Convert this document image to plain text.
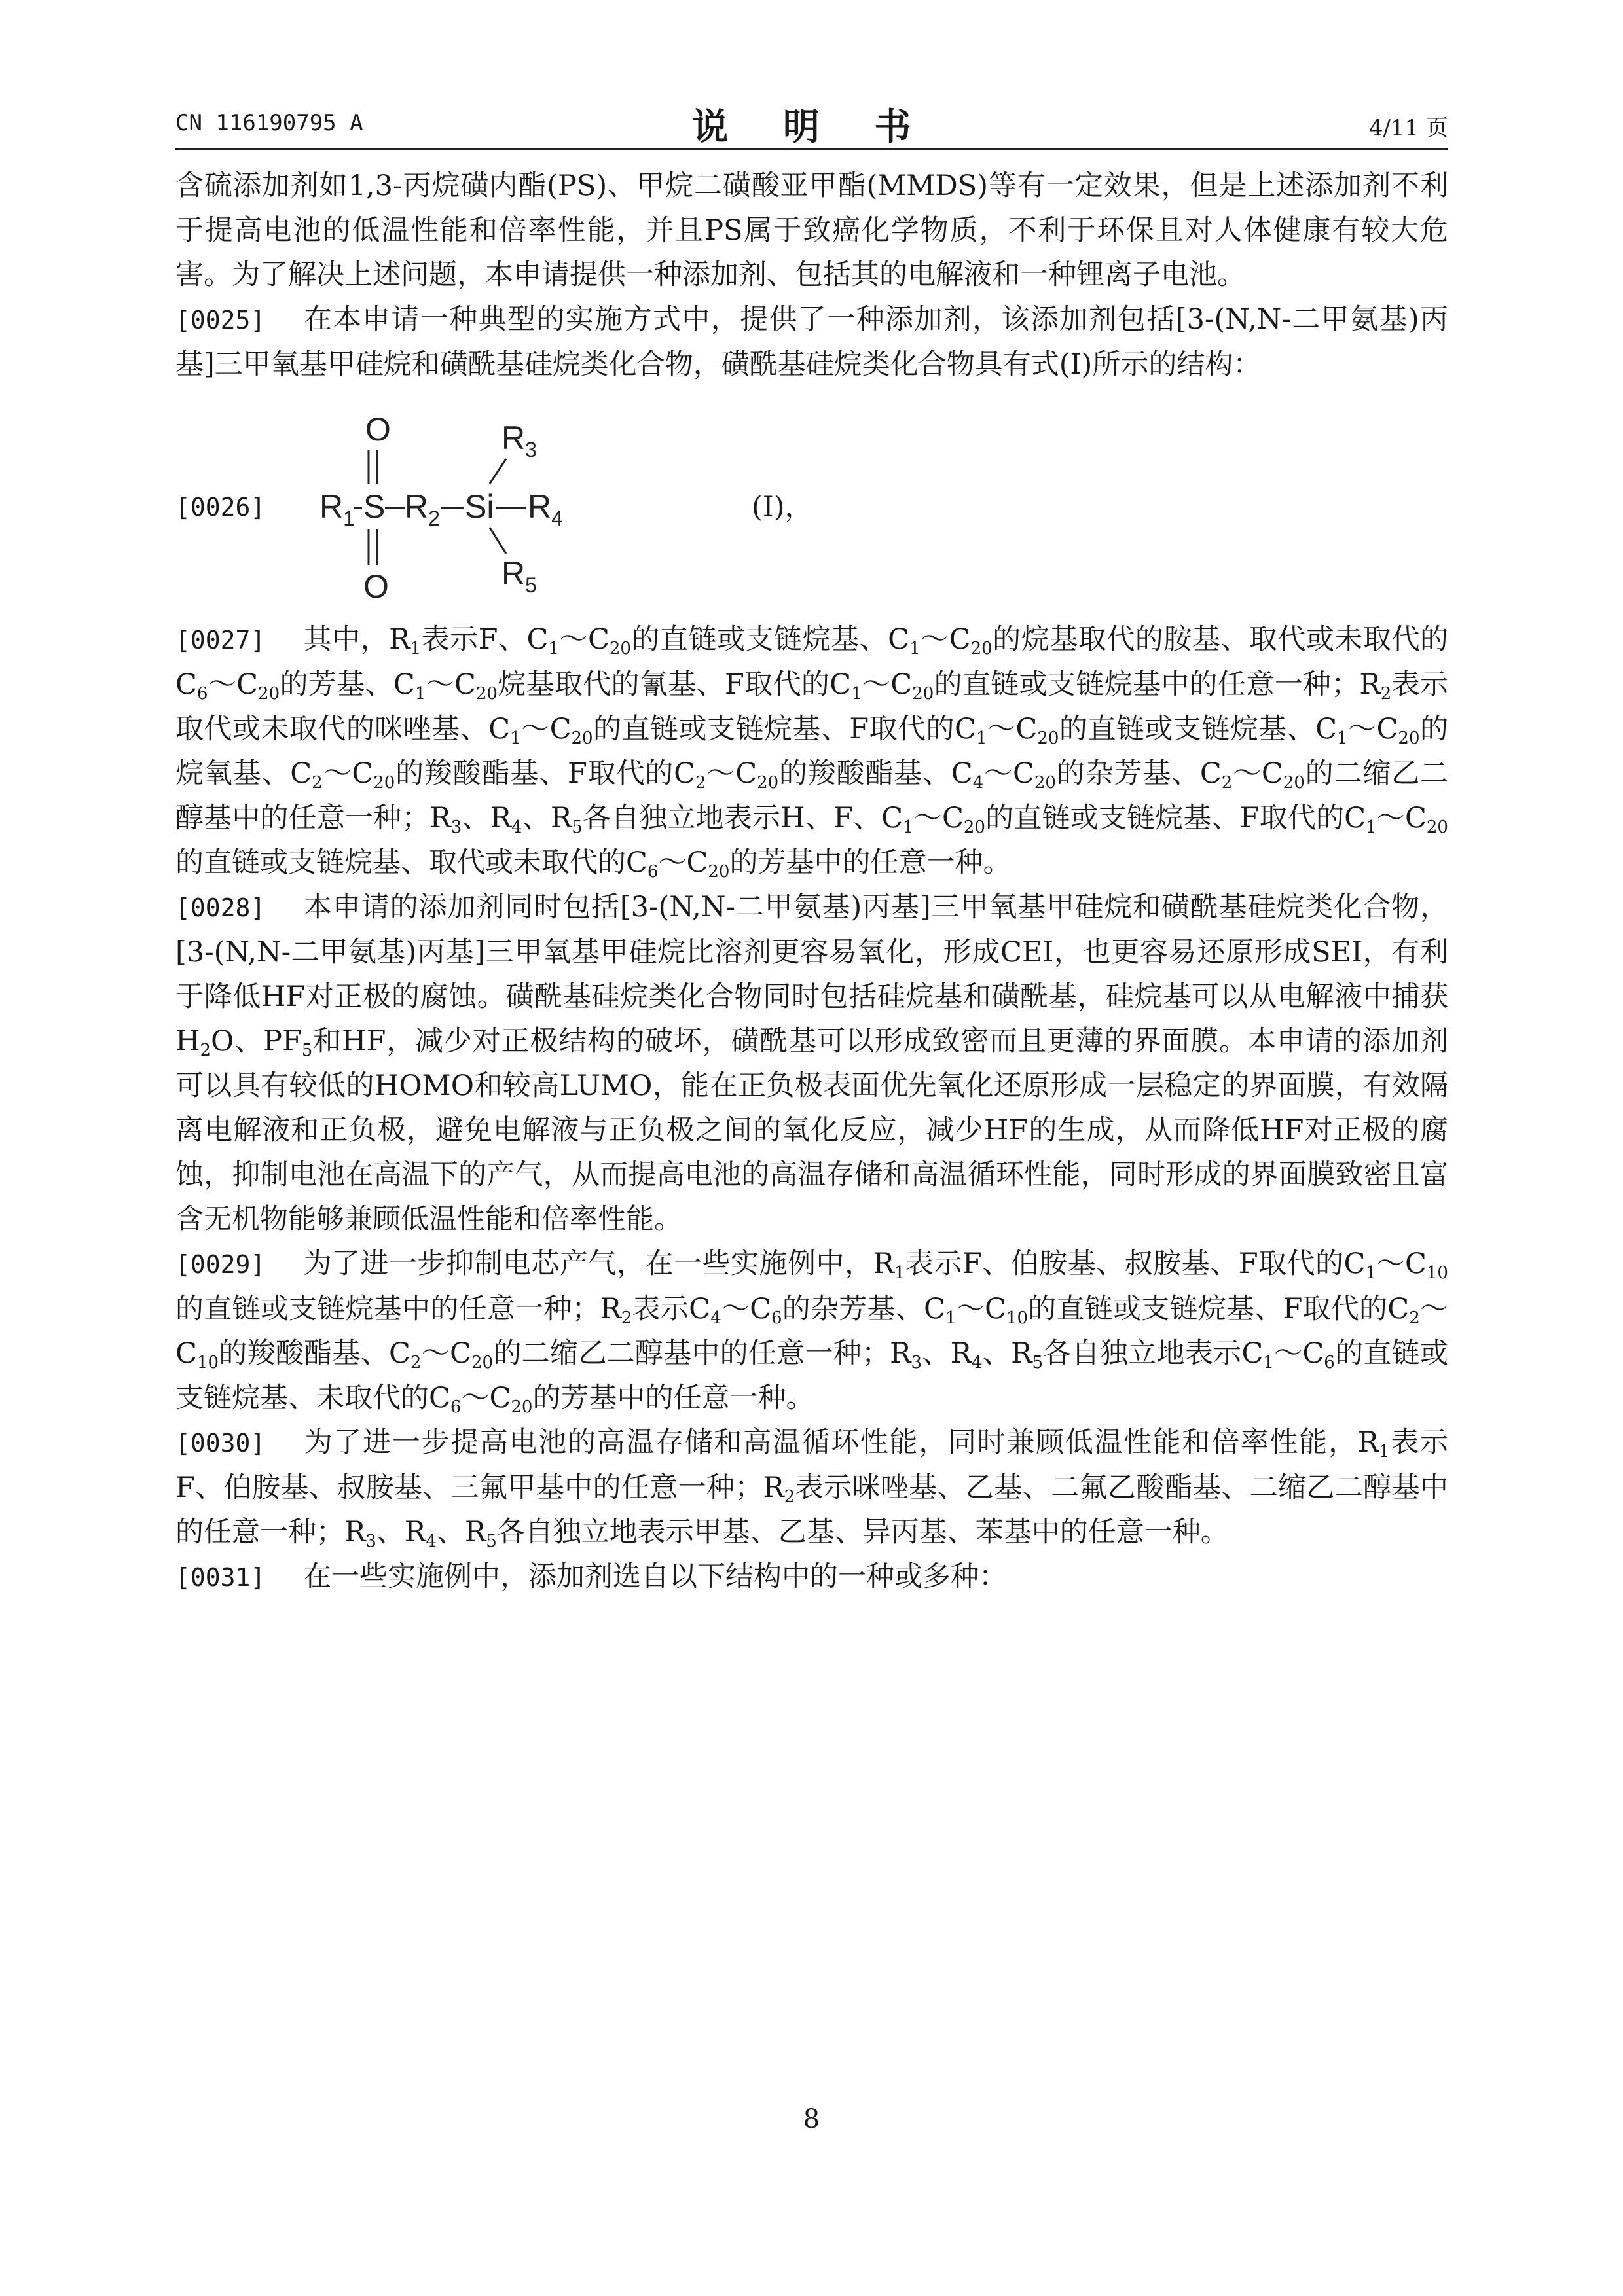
CN 116190795 A	说 明 书	4/11 页

含硫添加剂如1,3-丙烷磺内酯(PS)、甲烷二磺酸亚甲酯(MMDS)等有一定效果，但是上述添加剂不利于提高电池的低温性能和倍率性能，并且PS属于致癌化学物质，不利于环保且对人体健康有较大危害。为了解决上述问题，本申请提供一种添加剂、包括其的电解液和一种锂离子电池。

[0025] 在本申请一种典型的实施方式中，提供了一种添加剂，该添加剂包括[3-(N,N-二甲氨基)丙基]三甲氧基甲硅烷和磺酰基硅烷类化合物，磺酰基硅烷类化合物具有式(I)所示的结构：

[0026]
O
$R_1$ S $R_2$ Si $R_4$
$R_3$
$R_5$
O
(I)，

[0027] 其中，$R_1$表示F、$C_1\sim C_{20}$的直链或支链烷基、$C_1\sim C_{20}$的烷基取代的胺基、取代或未取代的$C_6\sim C_{20}$的芳基、$C_1\sim C_{20}$烷基取代的氰基、F取代的$C_1\sim C_{20}$的直链或支链烷基中的任意一种；$R_2$表示取代或未取代的咪唑基、$C_1\sim C_{20}$的直链或支链烷基、F取代的$C_1\sim C_{20}$的直链或支链烷基、$C_1\sim C_{20}$的烷氧基、$C_2\sim C_{20}$的羧酸酯基、F取代的$C_2\sim C_{20}$的羧酸酯基、$C_4\sim C_{20}$的杂芳基、$C_2\sim C_{20}$的二缩乙二醇基中的任意一种；$R_3$、$R_4$、$R_5$各自独立地表示H、F、$C_1\sim C_{20}$的直链或支链烷基、F取代的$C_1\sim C_{20}$的直链或支链烷基、取代或未取代的$C_6\sim C_{20}$的芳基中的任意一种。

[0028] 本申请的添加剂同时包括[3-(N,N-二甲氨基)丙基]三甲氧基甲硅烷和磺酰基硅烷类化合物，[3-(N,N-二甲氨基)丙基]三甲氧基甲硅烷比溶剂更容易氧化，形成CEI，也更容易还原形成SEI，有利于降低HF对正极的腐蚀。磺酰基硅烷类化合物同时包括硅烷基和磺酰基，硅烷基可以从电解液中捕获$H_2O$、$PF_5$和HF，减少对正极结构的破坏，磺酰基可以形成致密而且更薄的界面膜。本申请的添加剂可以具有较低的HOMO和较高LUMO，能在正负极表面优先氧化还原形成一层稳定的界面膜，有效隔离电解液和正负极，避免电解液与正负极之间的氧化反应，减少HF的生成，从而降低HF对正极的腐蚀，抑制电池在高温下的产气，从而提高电池的高温存储和高温循环性能，同时形成的界面膜致密且富含无机物能够兼顾低温性能和倍率性能。

[0029] 为了进一步抑制电芯产气，在一些实施例中，$R_1$表示F、伯胺基、叔胺基、F取代的$C_1\sim C_{10}$的直链或支链烷基中的任意一种；$R_2$表示$C_4\sim C_6$的杂芳基、$C_1\sim C_{10}$的直链或支链烷基、F取代的$C_2\sim C_{10}$的羧酸酯基、$C_2\sim C_{20}$的二缩乙二醇基中的任意一种；$R_3$、$R_4$、$R_5$各自独立地表示$C_1\sim C_6$的直链或支链烷基、未取代的$C_6\sim C_{20}$的芳基中的任意一种。

[0030] 为了进一步提高电池的高温存储和高温循环性能，同时兼顾低温性能和倍率性能，$R_1$表示F、伯胺基、叔胺基、三氟甲基中的任意一种；$R_2$表示咪唑基、乙基、二氟乙酸酯基、二缩乙二醇基中的任意一种；$R_3$、$R_4$、$R_5$各自独立地表示甲基、乙基、异丙基、苯基中的任意一种。

[0031] 在一些实施例中，添加剂选自以下结构中的一种或多种：

8
